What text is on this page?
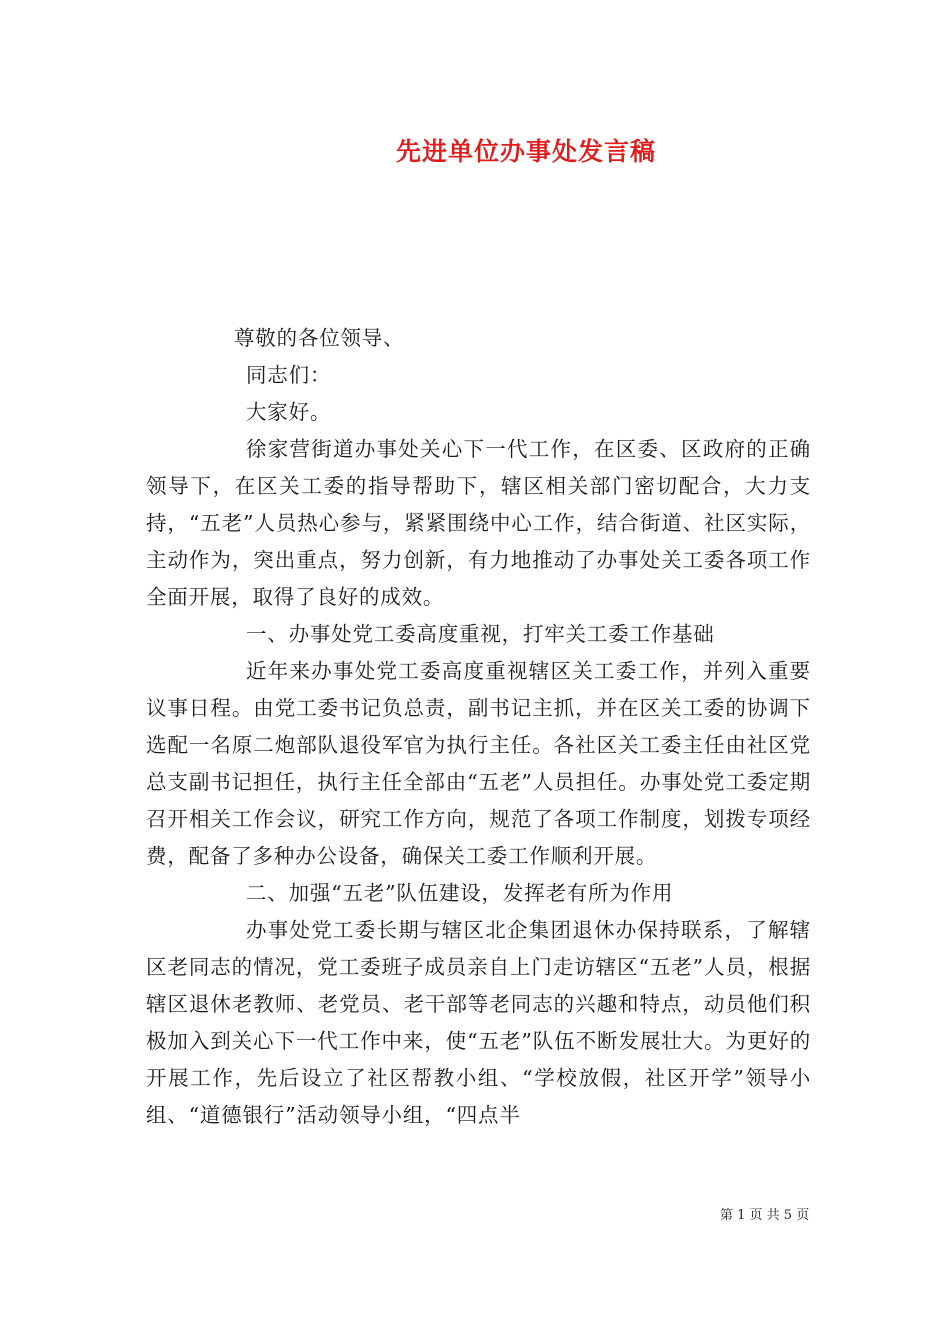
先进单位办事处发言稿

尊敬的各位领导、

同志们：

大家好。

徐家营街道办事处关心下一代工作，在区委、区政府的正确领导下，在区关工委的指导帮助下，辖区相关部门密切配合，大力支持，“五老”人员热心参与，紧紧围绕中心工作，结合街道、社区实际，主动作为，突出重点，努力创新，有力地推动了办事处关工委各项工作全面开展，取得了良好的成效。

一、办事处党工委高度重视，打牢关工委工作基础

近年来办事处党工委高度重视辖区关工委工作，并列入重要议事日程。由党工委书记负总责，副书记主抓，并在区关工委的协调下选配一名原二炮部队退役军官为执行主任。各社区关工委主任由社区党总支副书记担任，执行主任全部由“五老”人员担任。办事处党工委定期召开相关工作会议，研究工作方向，规范了各项工作制度，划拨专项经费，配备了多种办公设备，确保关工委工作顺利开展。

二、加强“五老”队伍建设，发挥老有所为作用

办事处党工委长期与辖区北企集团退休办保持联系，了解辖区老同志的情况，党工委班子成员亲自上门走访辖区“五老”人员，根据辖区退休老教师、老党员、老干部等老同志的兴趣和特点，动员他们积极加入到关心下一代工作中来，使“五老”队伍不断发展壮大。为更好的开展工作，先后设立了社区帮教小组、“学校放假，社区开学”领导小组、“道德银行”活动领导小组，“四点半

第 1 页 共 5 页
